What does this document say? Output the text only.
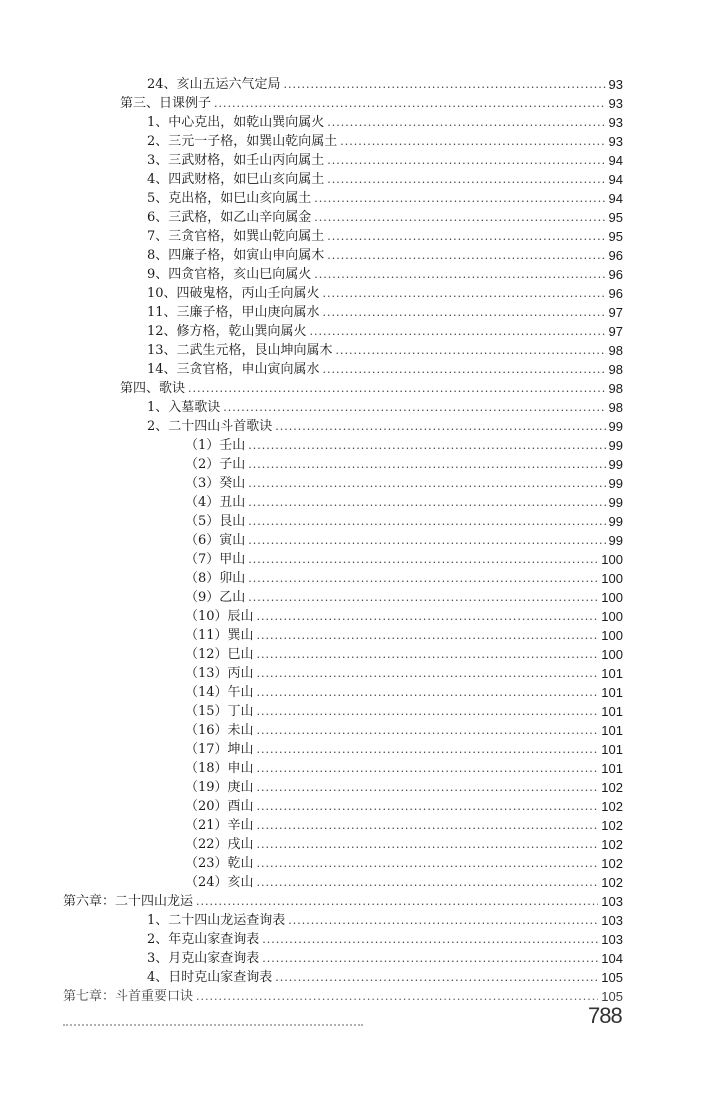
24、亥山五运六气定局 .....	93
第三、日课例子 .....	93
1、中心克出，如乾山巽向属火 .....	93
2、三元一子格，如巽山乾向属土 .....	93
3、三武财格，如壬山丙向属土 .....	94
4、四武财格，如巳山亥向属土 .....	94
5、克出格，如巳山亥向属土 .....	94
6、三武格，如乙山辛向属金 .....	95
7、三贪官格，如巽山乾向属土 .....	95
8、四廉子格，如寅山申向属木 .....	96
9、四贪官格，亥山巳向属火 .....	96
10、四破鬼格，丙山壬向属火 .....	96
11、三廉子格，甲山庚向属水 .....	97
12、修方格，乾山巽向属火 .....	97
13、二武生元格，艮山坤向属木 .....	98
14、三贪官格，申山寅向属水 .....	98
第四、歌诀 .....	98
1、入墓歌诀 .....	98
2、二十四山斗首歌诀 .....	99
（1）壬山 .....	99
（2）子山 .....	99
（3）癸山 .....	99
（4）丑山 .....	99
（5）艮山 .....	99
（6）寅山 .....	99
（7）甲山 .....	100
（8）卯山 .....	100
（9）乙山 .....	100
（10）辰山 .....	100
（11）巽山 .....	100
（12）巳山 .....	100
（13）丙山 .....	101
（14）午山 .....	101
（15）丁山 .....	101
（16）未山 .....	101
（17）坤山 .....	101
（18）申山 .....	101
（19）庚山 .....	102
（20）酉山 .....	102
（21）辛山 .....	102
（22）戌山 .....	102
（23）乾山 .....	102
（24）亥山 .....	102
第六章：二十四山龙运 .....	103
1、二十四山龙运查询表 .....	103
2、年克山家查询表 .....	103
3、月克山家查询表 .....	104
4、日时克山家查询表 .....	105
第七章：斗首重要口诀 .....	105
788
